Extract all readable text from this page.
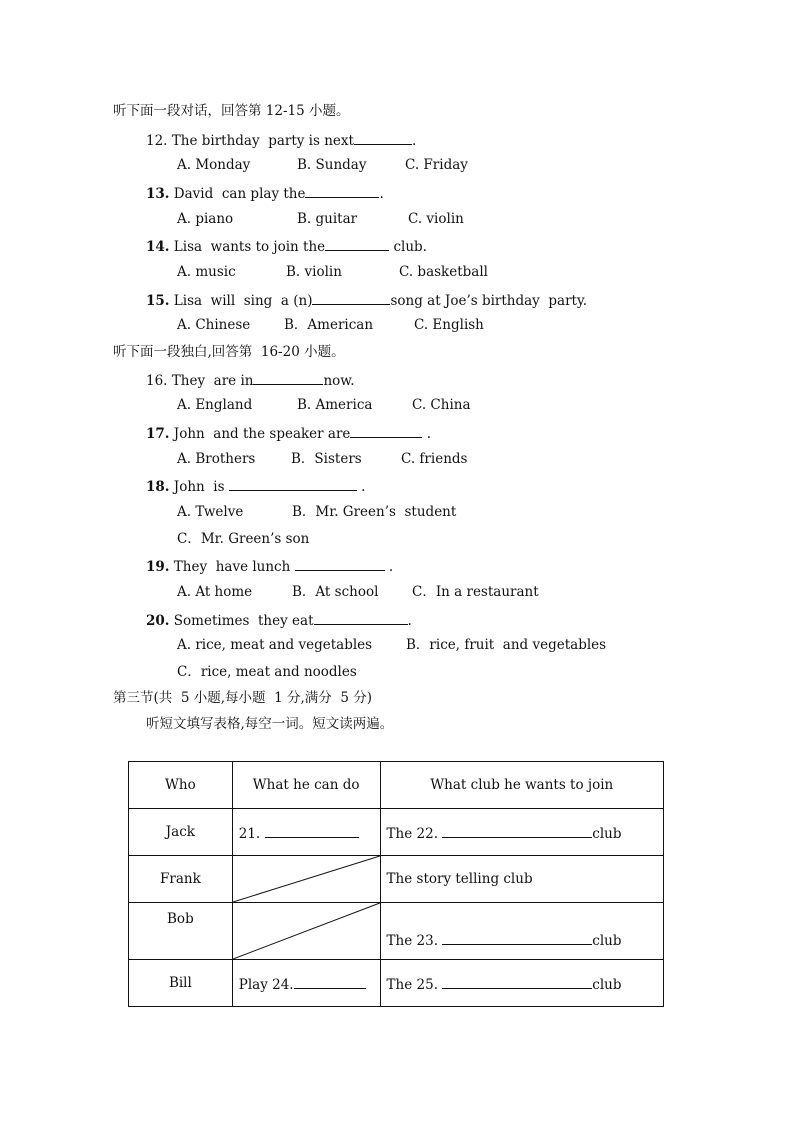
听下面一段对话，回答第 12-15 小题。
12. The birthday  party is next	.
A. Monday	B. Sunday	C. Friday
13. David  can play the	.
A. piano	B. guitar	C. violin
14. Lisa  wants to join the	club.
A. music	B. violin	C. basketball
15. Lisa  will  sing  a (n)	song at Joe’s birthday  party.
A. Chinese B．American	C. English
听下面一段独白,回答第  16-20 小题。
16. They  are in	now.
A. England	B. America	C. China
17. John  and the speaker are	.
A. Brothers	B．Sisters	C. friends
18. John  is	.
A. Twelve	B．Mr. Green’s  student
C．Mr. Green’s son
19. They  have lunch	.
A. At home	B．At school C．In a restaurant
20. Sometimes  they eat	.
A. rice, meat and vegetables	B．rice, fruit  and vegetables
C．rice, meat and noodles
第三节(共  5 小题,每小题  1 分,满分  5 分)
听短文填写表格,每空一词。短文读两遍。
Who	What he can do	What club he wants to join
Jack	21.	The 22. club
Frank		The story telling club
Bob		The 23. club
Bill	Play 24.	The 25. club
